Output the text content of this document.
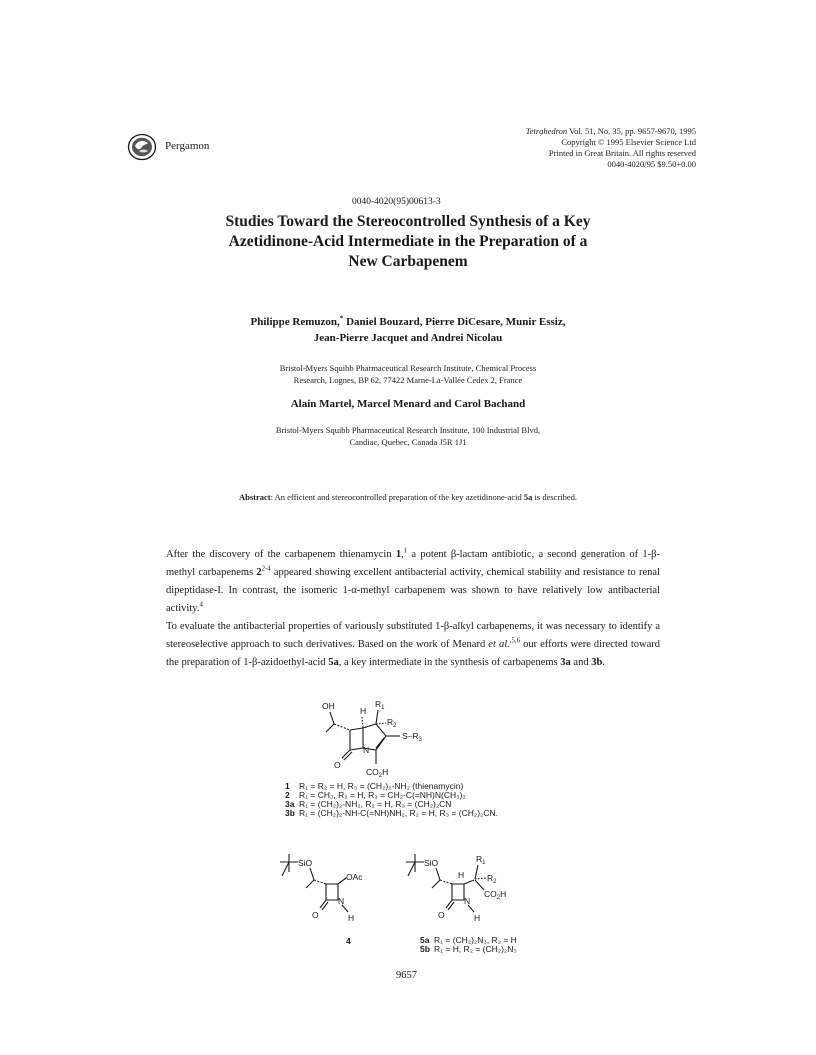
Pergamon
Tetrahedron Vol. 51, No. 35, pp. 9657-9670, 1995
Copyright © 1995 Elsevier Science Ltd
Printed in Great Britain. All rights reserved
0040-4020/95 $9.50+0.00
0040-4020(95)00613-3
Studies Toward the Stereocontrolled Synthesis of a Key
Azetidinone-Acid Intermediate in the Preparation of a
New Carbapenem
Philippe Remuzon,* Daniel Bouzard, Pierre DiCesare, Munir Essiz,
Jean-Pierre Jacquet and Andrei Nicolau
Bristol-Myers Squibb Pharmaceutical Research Institute, Chemical Process
Research, Lognes, BP 62, 77422 Marne-La-Vallée Cedex 2, France
Alain Martel, Marcel Menard and Carol Bachand
Bristol-Myers Squibb Pharmaceutical Research Institute, 100 Industrial Blvd,
Candiac, Quebec, Canada J5R 1J1
Abstract: An efficient and stereocontrolled preparation of the key azetidinone-acid 5a is described.

After the discovery of the carbapenem thienamycin 1,$^1$ a potent β-lactam antibiotic, a second generation of 1-β-methyl carbapenems 2$^{2-4}$ appeared showing excellent antibacterial activity, chemical stability and resistance to renal dipeptidase-I. In contrast, the isomeric 1-α-methyl carbapenem was shown to have relatively low antibacterial activity.$^4$

To evaluate the antibacterial properties of variously substituted 1-β-alkyl carbapenems, it was necessary to identify a stereoselective approach to such derivatives. Based on the work of Menard et al.$^{,5,6}$ our efforts were directed toward the preparation of 1-β-azidoethyl-acid 5a, a key intermediate in the synthesis of carbapenems 3a and 3b.

OH	H
$R_1$
$R_2$
$S-R_3$
N
O
$CO_2H$
1 R₁ = R₂ = H, R₃ = (CH₂)₂-NH₂ (thienamycin)
2 R₁ = CH₃, R₂ = H, R₃ = CH₂-C(=NH)N(CH₃)₂
3a R₁ = (CH₂)₂-NH₂, R₂ = H, R₃ = (CH₂)₂CN
3b R₁ = (CH₂)₂-NH-C(=NH)NH₂, R₂ = H, R₃ = (CH₂)₂CN.
SiO
OAc
N
H
O
4
SiO
H
$R_1$
$R_2$
$CO_2H$
N
H
O
5a R₁ = (CH₂)₂N₃, R₂ = H
5b R₁ = H, R₂ = (CH₂)₂N₃
9657
